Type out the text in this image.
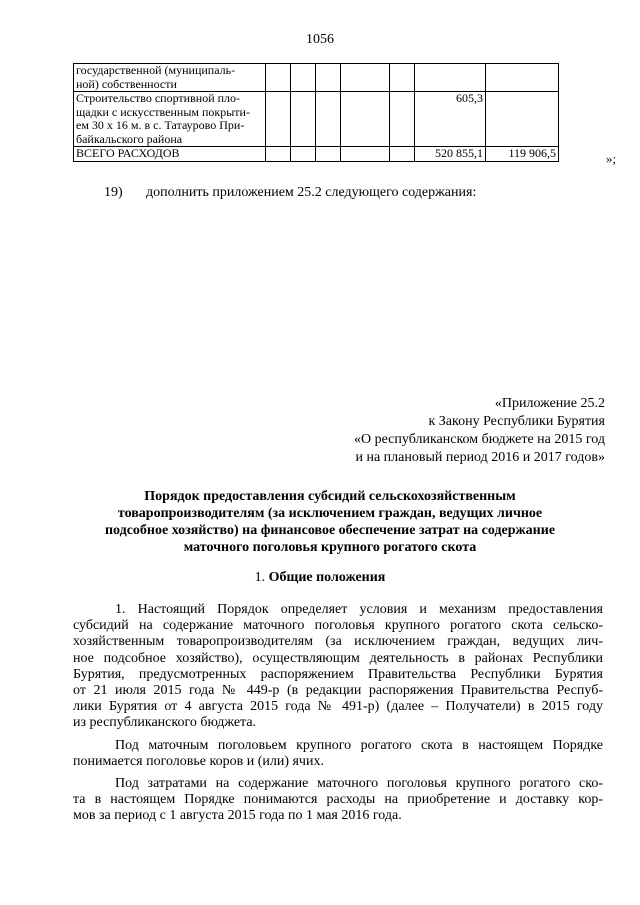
1056
государственной (муниципаль-
ной) собственности							

Строительство спортивной пло-
щадки с искусственным покрыти-
ем 30 х 16 м. в с. Татаурово При-
байкальского района						605,3	
ВСЕГО РАСХОДОВ						520 855,1	119 906,5	»;
19) дополнить приложением 25.2 следующего содержания:
«Приложение 25.2
к Закону Республики Бурятия
«О республиканском бюджете на 2015 год
и на плановый период 2016 и 2017 годов»
Порядок предоставления субсидий сельскохозяйственным
товаропроизводителям (за исключением граждан, ведущих личное
подсобное хозяйство) на финансовое обеспечение затрат на содержание
маточного поголовья крупного рогатого скота
1. Общие положения
1. Настоящий Порядок определяет условия и механизм предоставления
субсидий на содержание маточного поголовья крупного рогатого скота сельско-
хозяйственным товаропроизводителям (за исключением граждан, ведущих лич-
ное подсобное хозяйство), осуществляющим деятельность в районах Республики
Бурятия, предусмотренных распоряжением Правительства Республики Бурятия
от 21 июля 2015 года № 449-р (в редакции распоряжения Правительства Респуб-
лики Бурятия от 4 августа 2015 года № 491-р) (далее – Получатели) в 2015 году
из республиканского бюджета.
Под маточным поголовьем крупного рогатого скота в настоящем Порядке
понимается поголовье коров и (или) ячих.
Под затратами на содержание маточного поголовья крупного рогатого ско-
та в настоящем Порядке понимаются расходы на приобретение и доставку кор-
мов за период с 1 августа 2015 года по 1 мая 2016 года.
